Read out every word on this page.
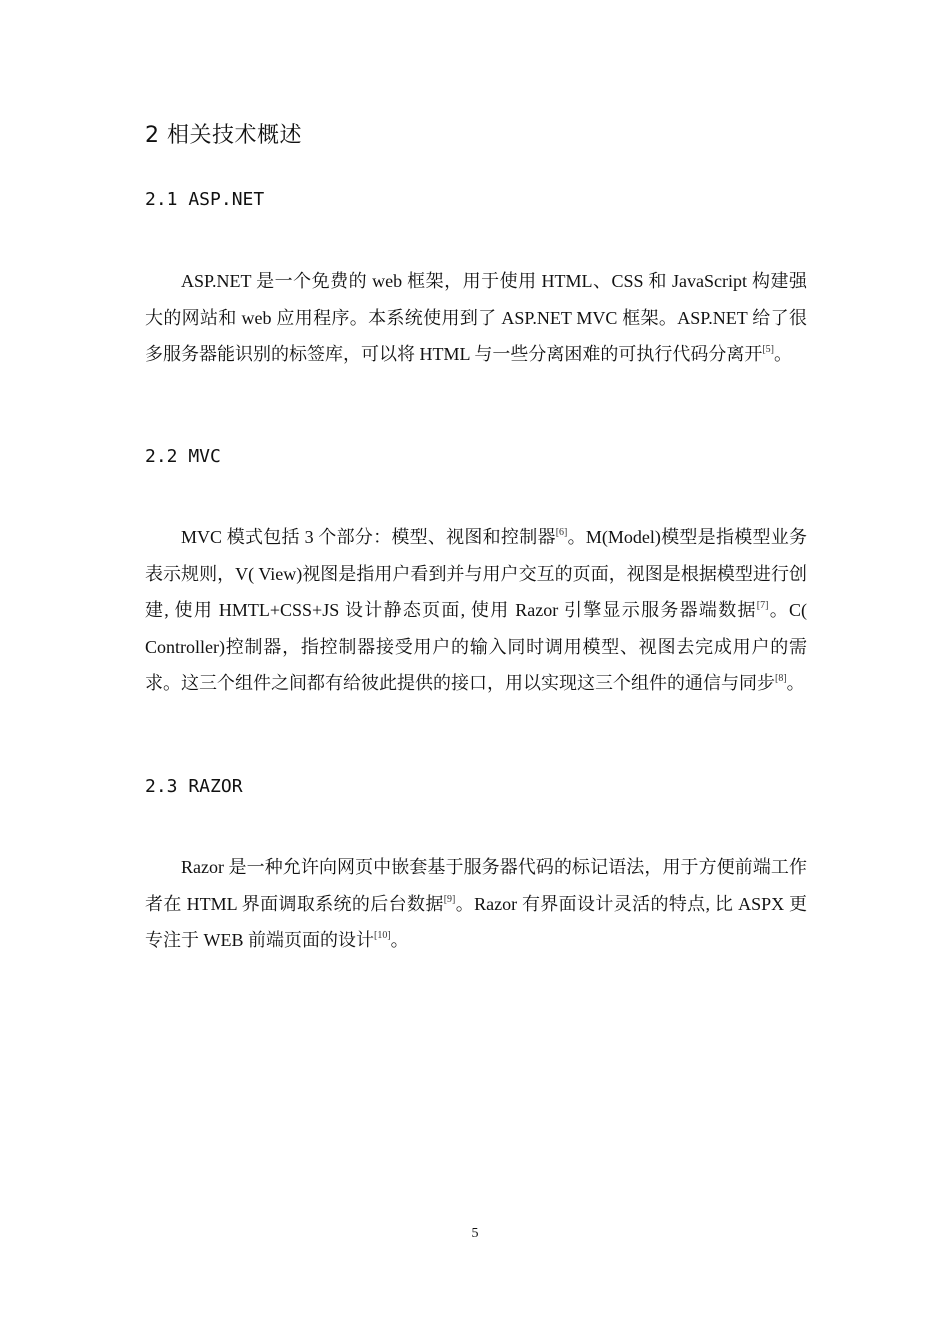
2 相关技术概述
2.1 ASP.NET

ASP.NET 是一个免费的 web 框架，用于使用 HTML、CSS 和 JavaScript 构建强大的网站和 web 应用程序。本系统使用到了 ASP.NET MVC 框架。ASP.NET 给了很多服务器能识别的标签库，可以将 HTML 与一些分离困难的可执行代码分离开[5]。

2.2 MVC

MVC 模式包括 3 个部分：模型、视图和控制器[6]。M(Model)模型是指模型业务表示规则，V( View)视图是指用户看到并与用户交互的页面，视图是根据模型进行创建, 使用 HMTL+CSS+JS 设计静态页面, 使用 Razor 引擎显示服务器端数据[7]。C( Controller)控制器，指控制器接受用户的输入同时调用模型、视图去完成用户的需求。这三个组件之间都有给彼此提供的接口，用以实现这三个组件的通信与同步[8]。

2.3 RAZOR

Razor 是一种允许向网页中嵌套基于服务器代码的标记语法，用于方便前端工作者在 HTML 界面调取系统的后台数据[9]。Razor 有界面设计灵活的特点, 比 ASPX 更专注于 WEB 前端页面的设计[10]。

5
